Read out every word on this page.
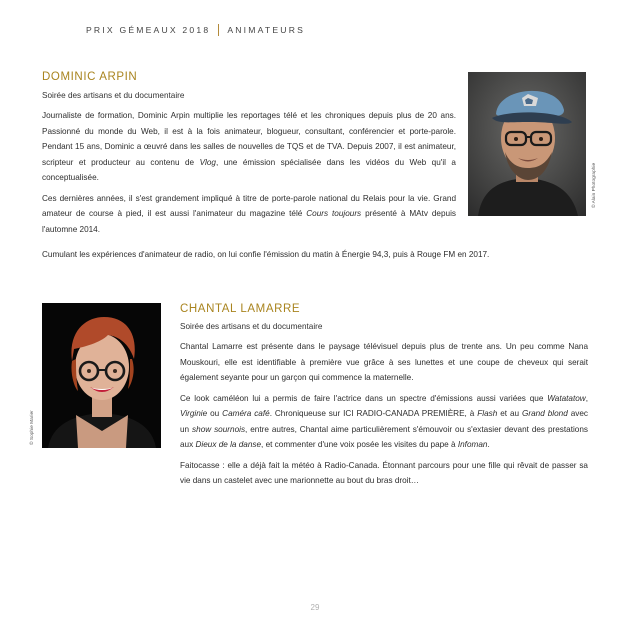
PRIX GÉMEAUX 2018 ANIMATEURS
DOMINIC ARPIN
Soirée des artisans et du documentaire

Journaliste de formation, Dominic Arpin multiplie les reportages télé et les chroniques depuis plus de 20 ans. Passionné du monde du Web, il est à la fois animateur, blogueur, consultant, conférencier et porte-parole. Pendant 15 ans, Dominic a œuvré dans les salles de nouvelles de TQS et de TVA. Depuis 2007, il est animateur, scripteur et producteur au contenu de Vlog, une émission spécialisée dans les vidéos du Web qu'il a conceptualisée.

Ces dernières années, il s'est grandement impliqué à titre de porte-parole national du Relais pour la vie. Grand amateur de course à pied, il est aussi l'animateur du magazine télé Cours toujours présenté à MAtv depuis l'automne 2014.

Cumulant les expériences d'animateur de radio, on lui confie l'émission du matin à Énergie 94,3, puis à Rouge FM en 2017.
© Alain Photographie
© Sophie Marier
CHANTAL LAMARRE
Soirée des artisans et du documentaire

Chantal Lamarre est présente dans le paysage télévisuel depuis plus de trente ans. Un peu comme Nana Mouskouri, elle est identifiable à première vue grâce à ses lunettes et une coupe de cheveux qui serait également seyante pour un garçon qui commence la maternelle.

Ce look caméléon lui a permis de faire l'actrice dans un spectre d'émissions aussi variées que Watatatow, Virginie ou Caméra café. Chroniqueuse sur ICI RADIO-CANADA PREMIÈRE, à Flash et au Grand blond avec un show sournois, entre autres, Chantal aime particulièrement s'émouvoir ou s'extasier devant des prestations aux Dieux de la danse, et commenter d'une voix posée les visites du pape à Infoman.

Faitocasse : elle a déjà fait la météo à Radio-Canada. Étonnant parcours pour une fille qui rêvait de passer sa vie dans un castelet avec une marionnette au bout du bras droit…

29
